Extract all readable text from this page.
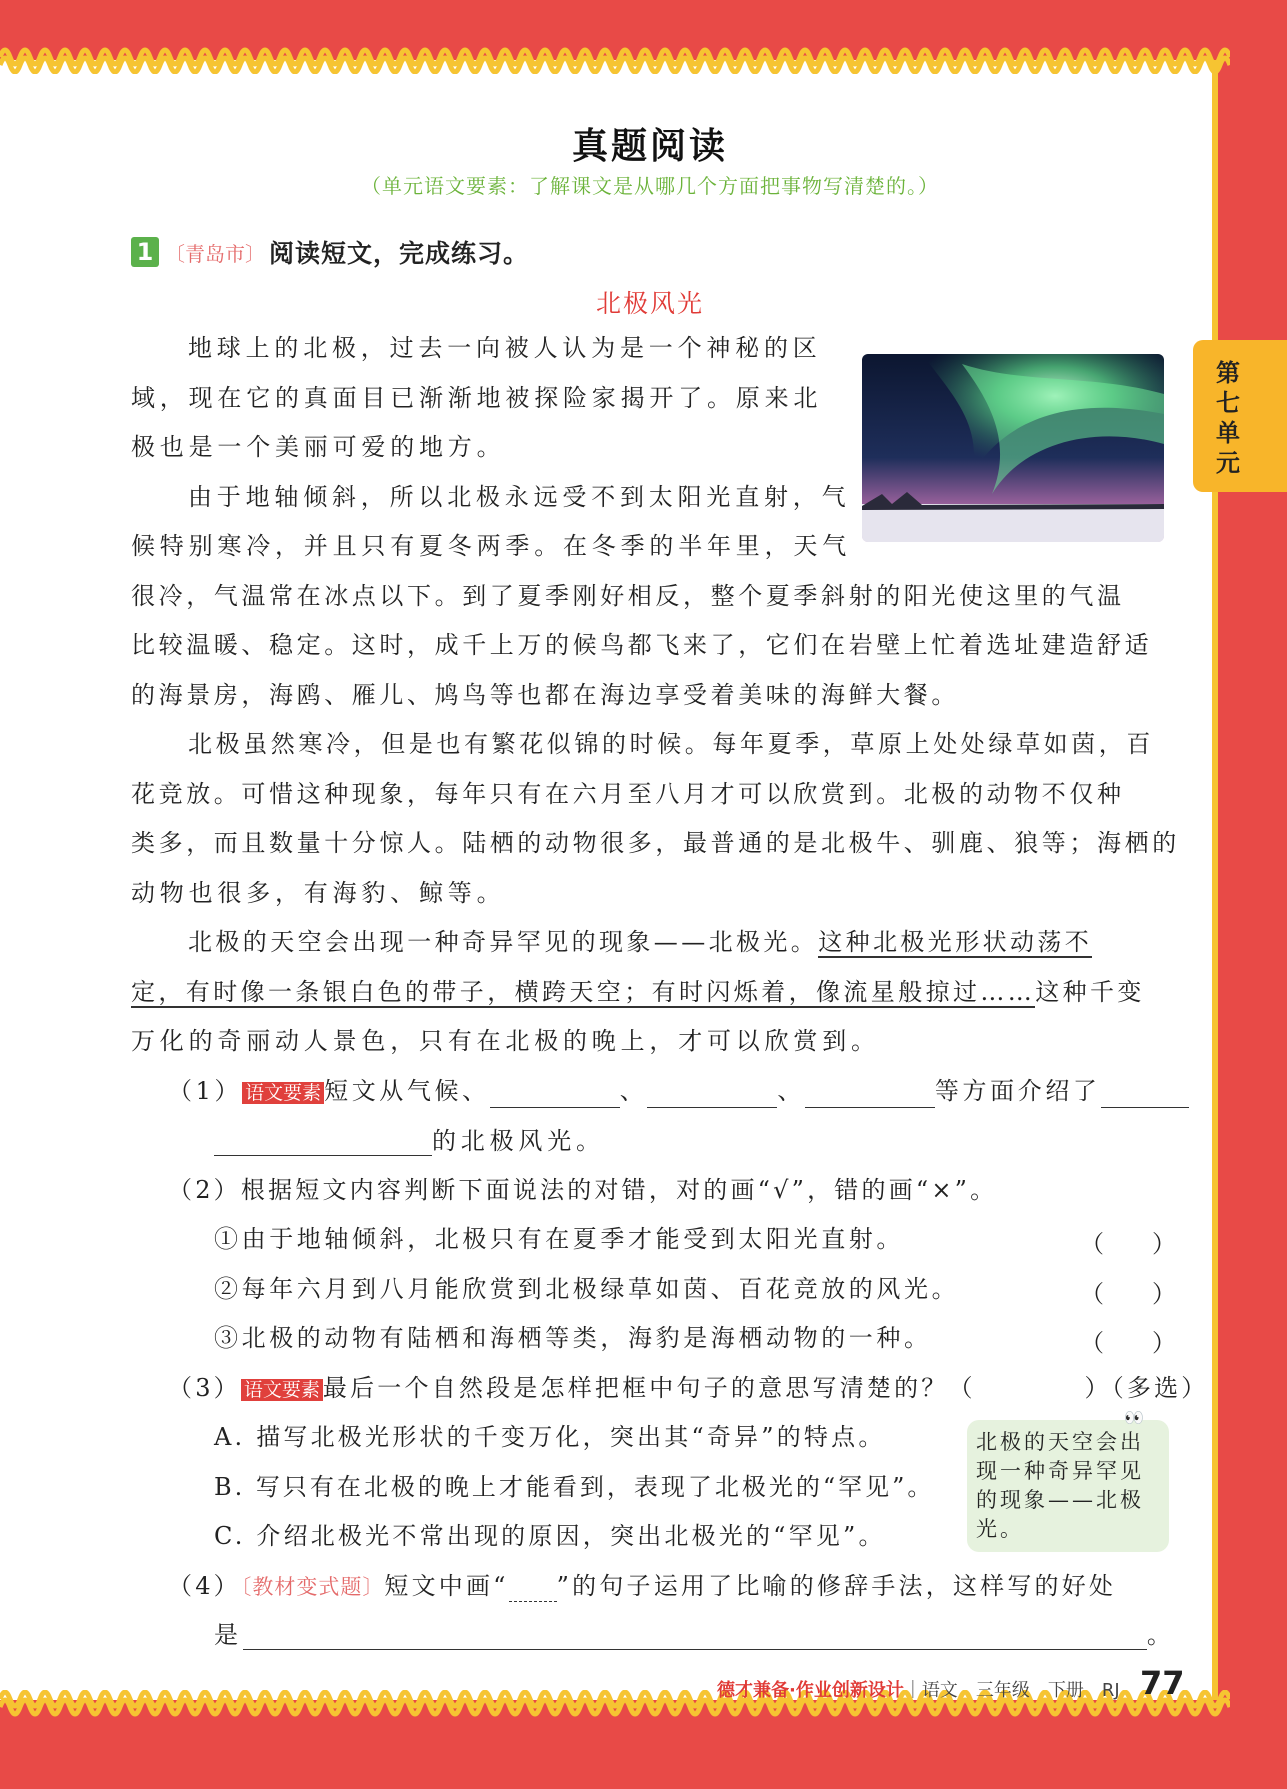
第七单元
真题阅读
（单元语文要素：了解课文是从哪几个方面把事物写清楚的。）
1 〔青岛市〕 阅读短文，完成练习。
北极风光
地球上的北极，过去一向被人认为是一个神秘的区
域，现在它的真面目已渐渐地被探险家揭开了。原来北
极也是一个美丽可爱的地方。
由于地轴倾斜，所以北极永远受不到太阳光直射，气
候特别寒冷，并且只有夏冬两季。在冬季的半年里，天气
很冷，气温常在冰点以下。到了夏季刚好相反，整个夏季斜射的阳光使这里的气温
比较温暖、稳定。这时，成千上万的候鸟都飞来了，它们在岩壁上忙着选址建造舒适
的海景房，海鸥、雁儿、鸠鸟等也都在海边享受着美味的海鲜大餐。
北极虽然寒冷，但是也有繁花似锦的时候。每年夏季，草原上处处绿草如茵，百
花竞放。可惜这种现象，每年只有在六月至八月才可以欣赏到。北极的动物不仅种
类多，而且数量十分惊人。陆栖的动物很多，最普通的是北极牛、驯鹿、狼等；海栖的
动物也很多，有海豹、鲸等。
北极的天空会出现一种奇异罕见的现象——北极光。这种北极光形状动荡不
定，有时像一条银白色的带子，横跨天空；有时闪烁着，像流星般掠过……这种千变
万化的奇丽动人景色，只有在北极的晚上，才可以欣赏到。
（1） 语文要素 短文从气候、	、	、	等方面介绍了
的北极风光。
（2）根据短文内容判断下面说法的对错，对的画“√”，错的画“×”。
①由于地轴倾斜，北极只有在夏季才能受到太阳光直射。	（　　）
②每年六月到八月能欣赏到北极绿草如茵、百花竞放的风光。	（　　）
③北极的动物有陆栖和海栖等类，海豹是海栖动物的一种。	（　　）
（3） 语文要素 最后一个自然段是怎样把框中句子的意思写清楚的？（　　　　）（多选）
A. 描写北极光形状的千变万化，突出其“奇异”的特点。
B. 写只有在北极的晚上才能看到，表现了北极光的“罕见”。
C. 介绍北极光不常出现的原因，突出北极光的“罕见”。
👀
北极的天空会出现一种奇异罕见的现象——北极光。
（4）〔教材变式题〕短文中画“ ”的句子运用了比喻的修辞手法，这样写的好处
是	。
德才兼备·作业创新设计｜语文　三年级　下册　RJ 77
